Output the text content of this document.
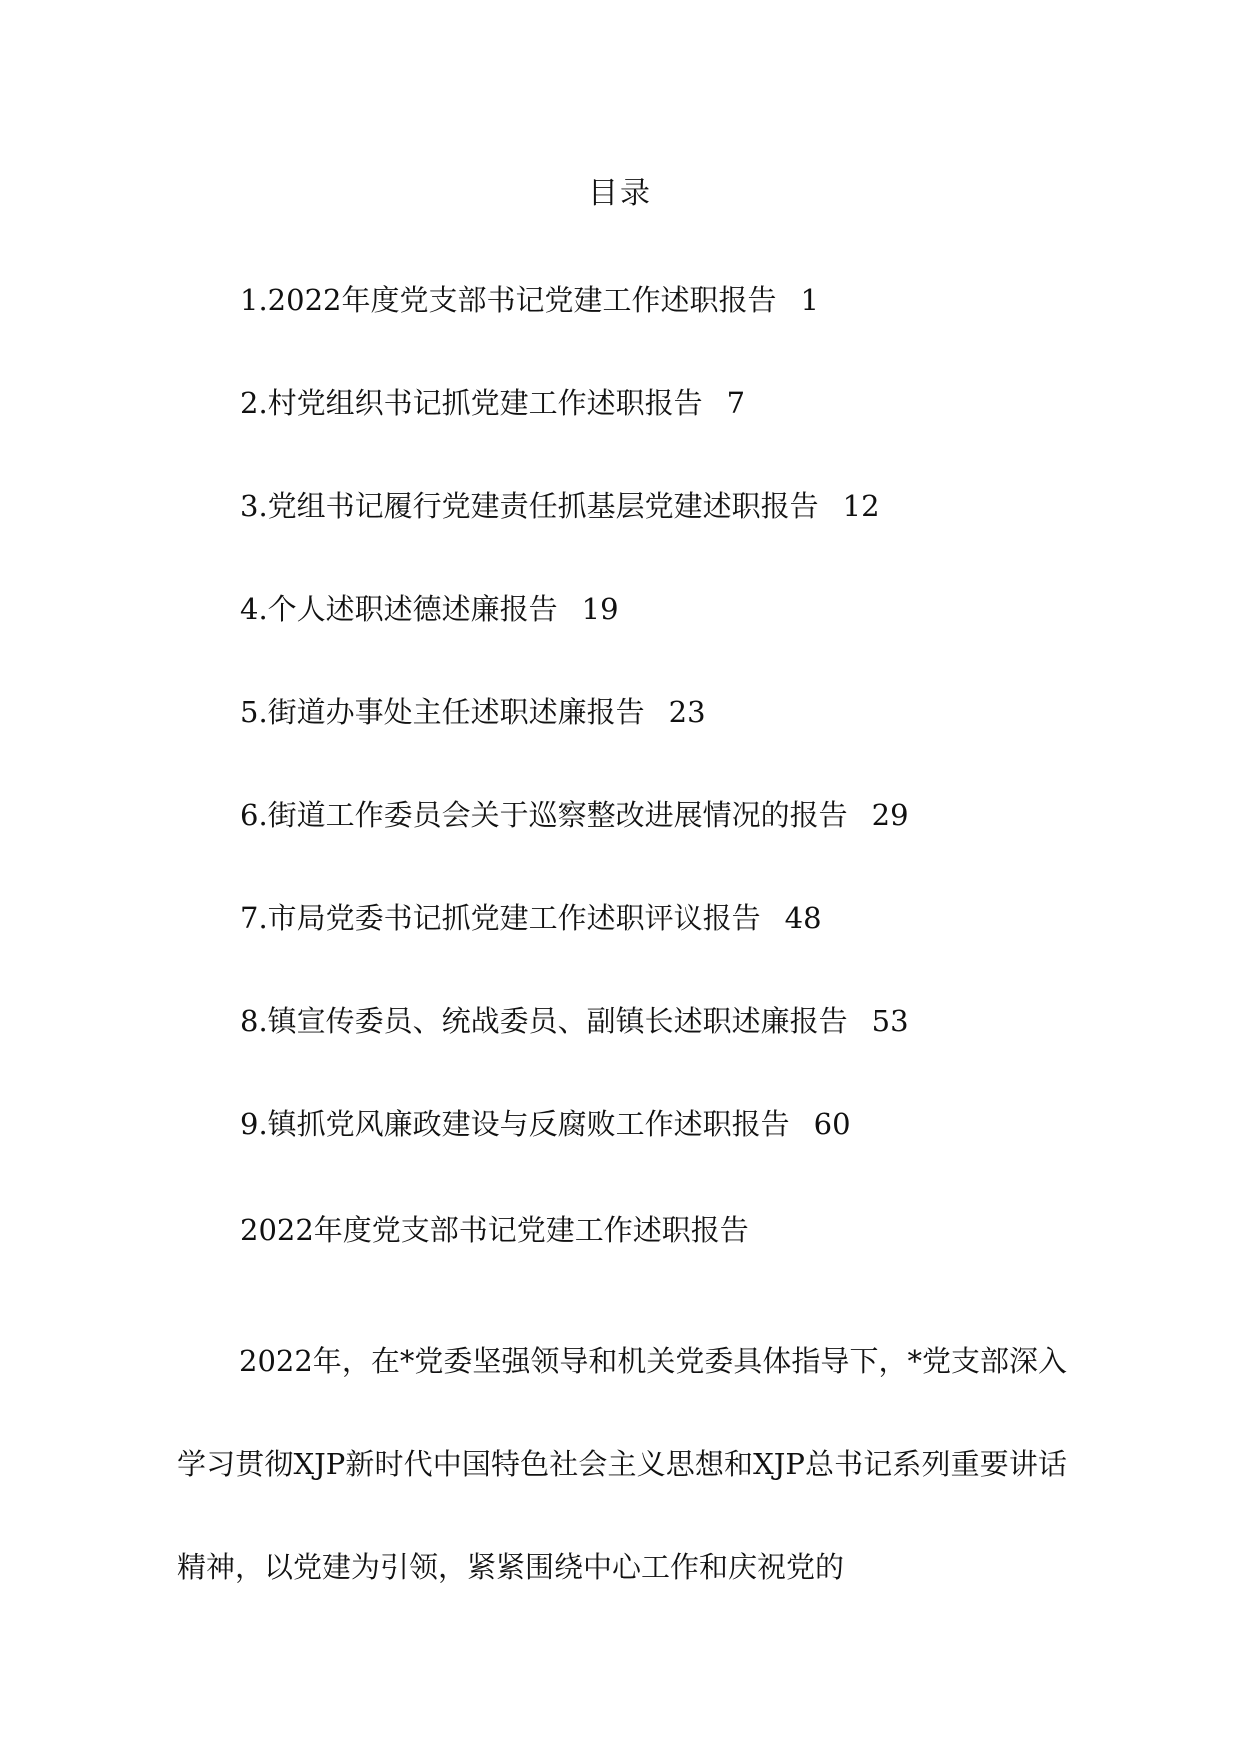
目录
1.2022年度党支部书记党建工作述职报告 1
2.村党组织书记抓党建工作述职报告 7
3.党组书记履行党建责任抓基层党建述职报告 12
4.个人述职述德述廉报告 19
5.街道办事处主任述职述廉报告 23
6.街道工作委员会关于巡察整改进展情况的报告 29
7.市局党委书记抓党建工作述职评议报告 48
8.镇宣传委员、统战委员、副镇长述职述廉报告 53
9.镇抓党风廉政建设与反腐败工作述职报告 60
2022年度党支部书记党建工作述职报告

2022年，在*党委坚强领导和机关党委具体指导下，*党支部深入学习贯彻XJP新时代中国特色社会主义思想和XJP总书记系列重要讲话精神，以党建为引领，紧紧围绕中心工作和庆祝党的
